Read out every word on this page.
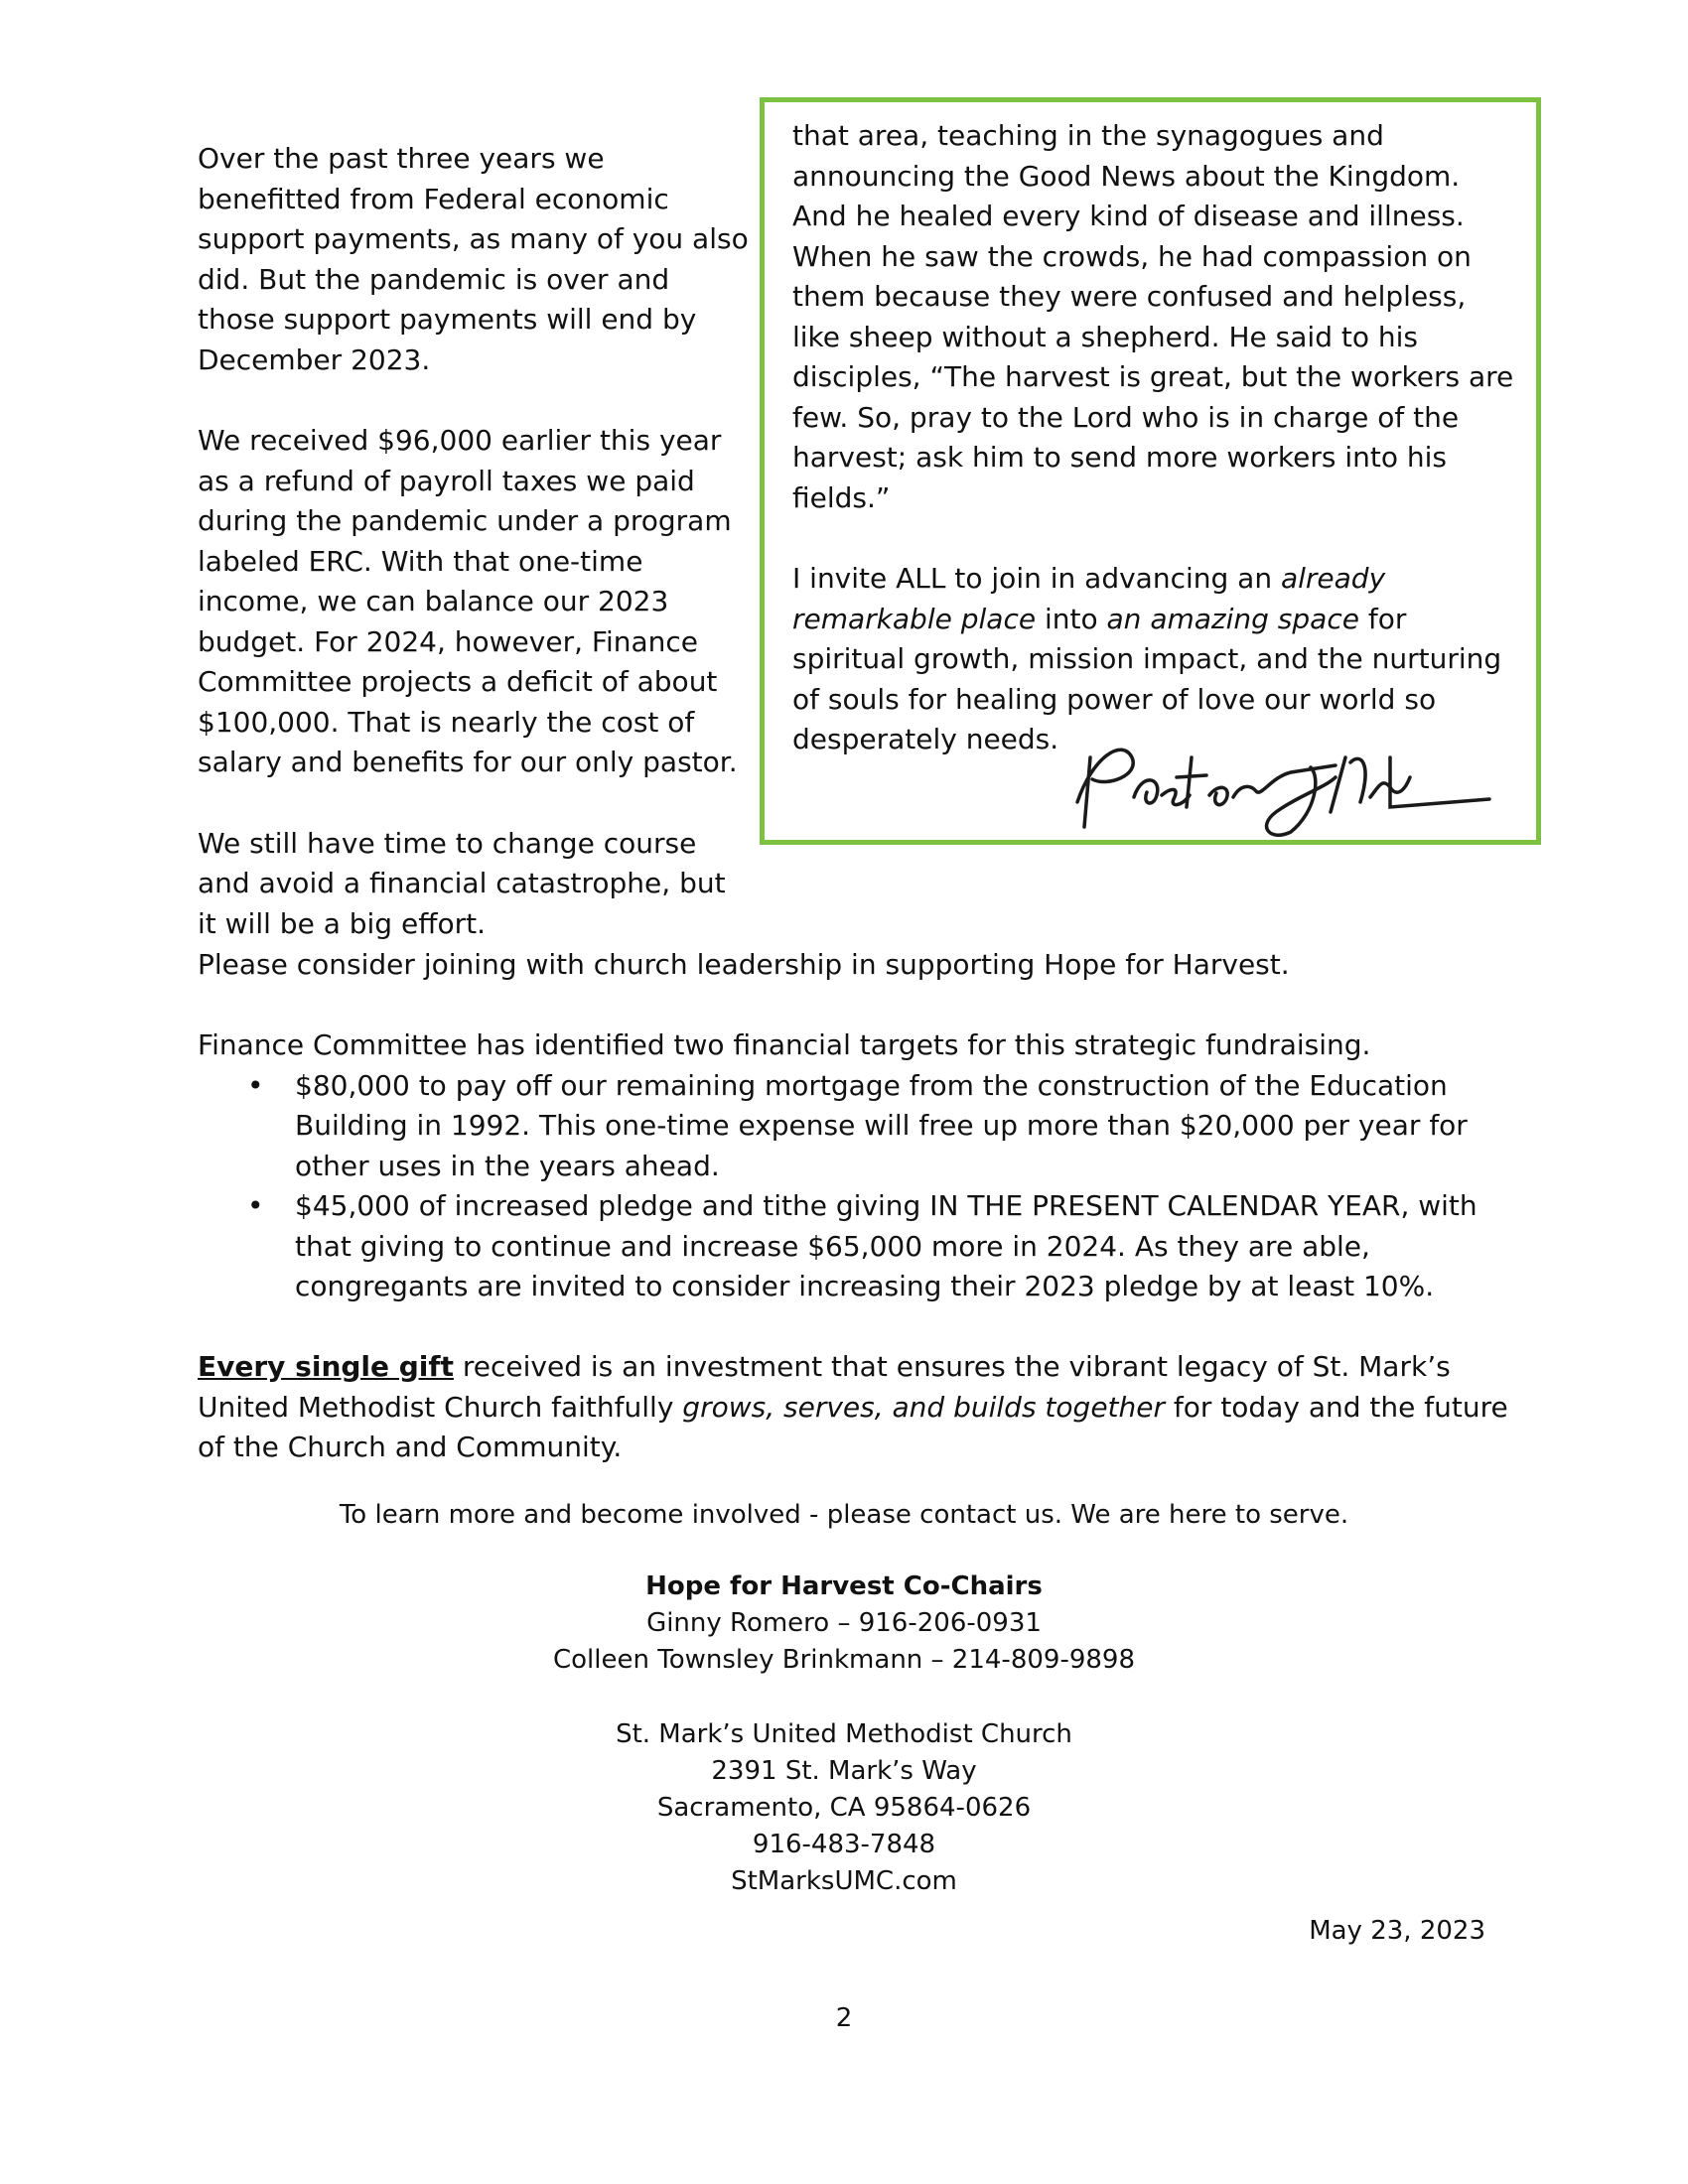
Over the past three years we benefitted from Federal economic support payments, as many of you also did. But the pandemic is over and those support payments will end by December 2023.

We received $96,000 earlier this year as a refund of payroll taxes we paid during the pandemic under a program labeled ERC. With that one-time income, we can balance our 2023 budget. For 2024, however, Finance Committee projects a deficit of about $100,000. That is nearly the cost of salary and benefits for our only pastor.

We still have time to change course and avoid a financial catastrophe, but it will be a big effort.

that area, teaching in the synagogues and announcing the Good News about the Kingdom. And he healed every kind of disease and illness. When he saw the crowds, he had compassion on them because they were confused and helpless, like sheep without a shepherd. He said to his disciples, “The harvest is great, but the workers are few. So, pray to the Lord who is in charge of the harvest; ask him to send more workers into his fields.”

I invite ALL to join in advancing an already remarkable place into an amazing space for spiritual growth, mission impact, and the nurturing of souls for healing power of love our world so desperately needs.

Please consider joining with church leadership in supporting Hope for Harvest.

Finance Committee has identified two financial targets for this strategic fundraising.

• $80,000 to pay off our remaining mortgage from the construction of the Education Building in 1992. This one-time expense will free up more than $20,000 per year for other uses in the years ahead.
• $45,000 of increased pledge and tithe giving IN THE PRESENT CALENDAR YEAR, with that giving to continue and increase $65,000 more in 2024. As they are able, congregants are invited to consider increasing their 2023 pledge by at least 10%.

Every single gift received is an investment that ensures the vibrant legacy of St. Mark’s United Methodist Church faithfully grows, serves, and builds together for today and the future of the Church and Community.

To learn more and become involved - please contact us. We are here to serve.
Hope for Harvest Co-Chairs
Ginny Romero – 916-206-0931
Colleen Townsley Brinkmann – 214-809-9898
St. Mark’s United Methodist Church
2391 St. Mark’s Way
Sacramento, CA 95864-0626
916-483-7848
StMarksUMC.com
May 23, 2023
2
